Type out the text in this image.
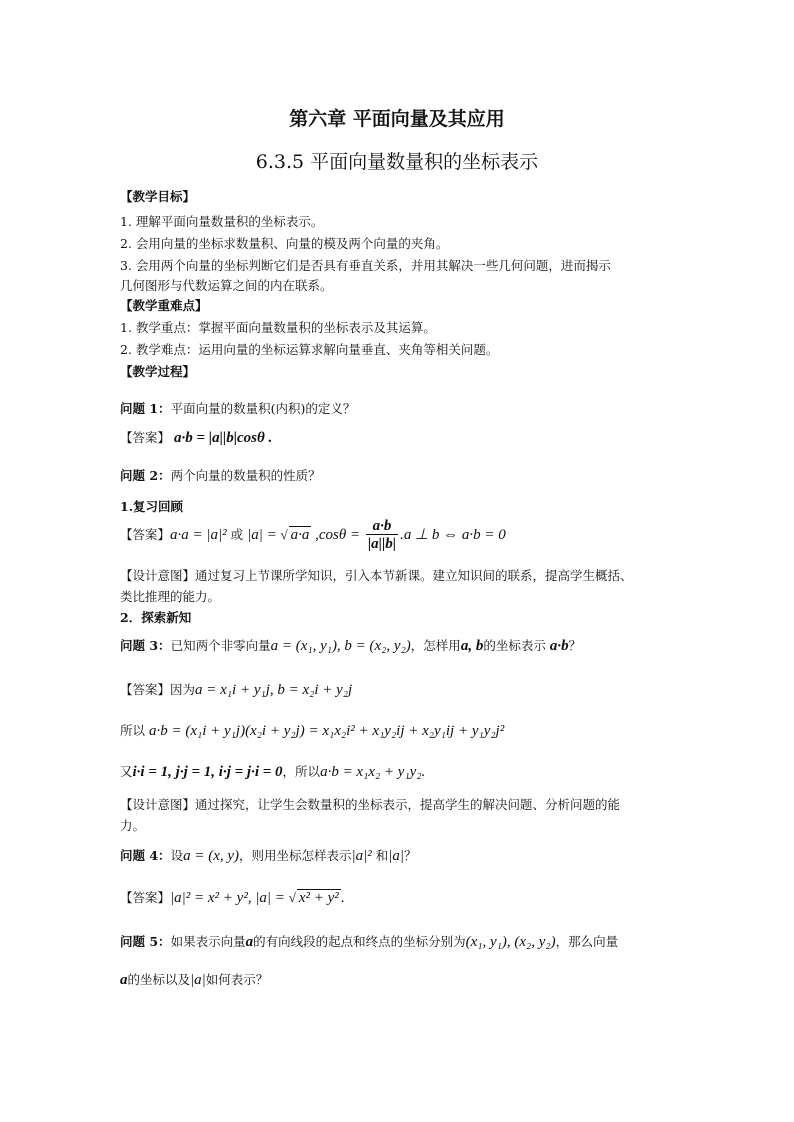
第六章 平面向量及其应用
6.3.5 平面向量数量积的坐标表示
【教学目标】
1. 理解平面向量数量积的坐标表示。
2. 会用向量的坐标求数量积、向量的模及两个向量的夹角。
3. 会用两个向量的坐标判断它们是否具有垂直关系，并用其解决一些几何问题，进而揭示
几何图形与代数运算之间的内在联系。
【教学重难点】
1. 教学重点：掌握平面向量数量积的坐标表示及其运算。
2. 教学难点：运用向量的坐标运算求解向量垂直、夹角等相关问题。
【教学过程】
问题 1：平面向量的数量积(内积)的定义？
【答案】 a·b = |a||b|cosθ .
问题 2：两个向量的数量积的性质？
1.复习回顾
【答案】a·a = |a|² 或 |a| = √ a·a $,\cos\theta = \frac{a\cdot b}{|a||b|} .a$ ⊥ b ⇔ a·b = 0
【设计意图】通过复习上节课所学知识，引入本节新课。建立知识间的联系，提高学生概括、
类比推理的能力。
2．探索新知
问题 3：已知两个非零向量a = (x₁, y₁), b = (x₂, y₂)，怎样用a, b的坐标表示 a·b？
【答案】因为a = x₁i + y₁j, b = x₂i + y₂j
所以 a·b = (x₁i + y₁j)(x₂i + y₂j) = x₁x₂i² + x₁y₂ij + x₂y₁ij + y₁y₂j²
又i·i = 1, j·j = 1, i·j = j·i = 0，所以a·b = x₁x₂ + y₁y₂.
【设计意图】通过探究，让学生会数量积的坐标表示，提高学生的解决问题、分析问题的能
力。
问题 4：设a = (x, y)，则用坐标怎样表示|a|² 和|a|？
【答案】|a|² = x² + y², |a| = √ x² + y² .
问题 5：如果表示向量a的有向线段的起点和终点的坐标分别为(x₁, y₁), (x₂, y₂)，那么向量
a的坐标以及|a|如何表示？
